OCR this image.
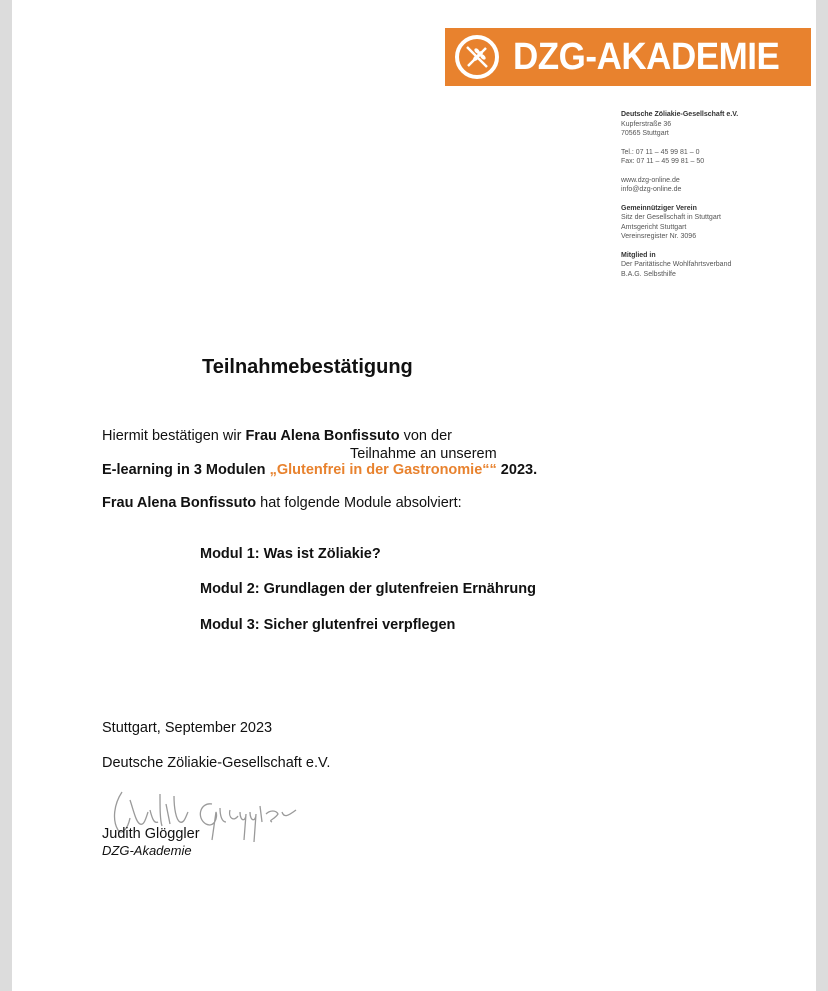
DZG-AKADEMIE
Deutsche Zöliakie-Gesellschaft e.V.
Kupferstraße 36
70565 Stuttgart
Tel.: 07 11 – 45 99 81 – 0
Fax: 07 11 – 45 99 81 – 50
www.dzg-online.de
info@dzg-online.de
Gemeinnütziger Verein
Sitz der Gesellschaft in Stuttgart
Amtsgericht Stuttgart
Vereinsregister Nr. 3096
Mitglied in
Der Paritätische Wohlfahrtsverband
B.A.G. Selbsthilfe
Teilnahmebestätigung
Hiermit bestätigen wir Frau Alena Bonfissuto von der
Teilnahme an unserem
E-learning in 3 Modulen „Glutenfrei in der Gastronomie““ 2023.
Frau Alena Bonfissuto hat folgende Module absolviert:
Modul 1: Was ist Zöliakie?
Modul 2: Grundlagen der glutenfreien Ernährung
Modul 3: Sicher glutenfrei verpflegen
Stuttgart, September 2023
Deutsche Zöliakie-Gesellschaft e.V.
Judith Glöggler
DZG-Akademie
